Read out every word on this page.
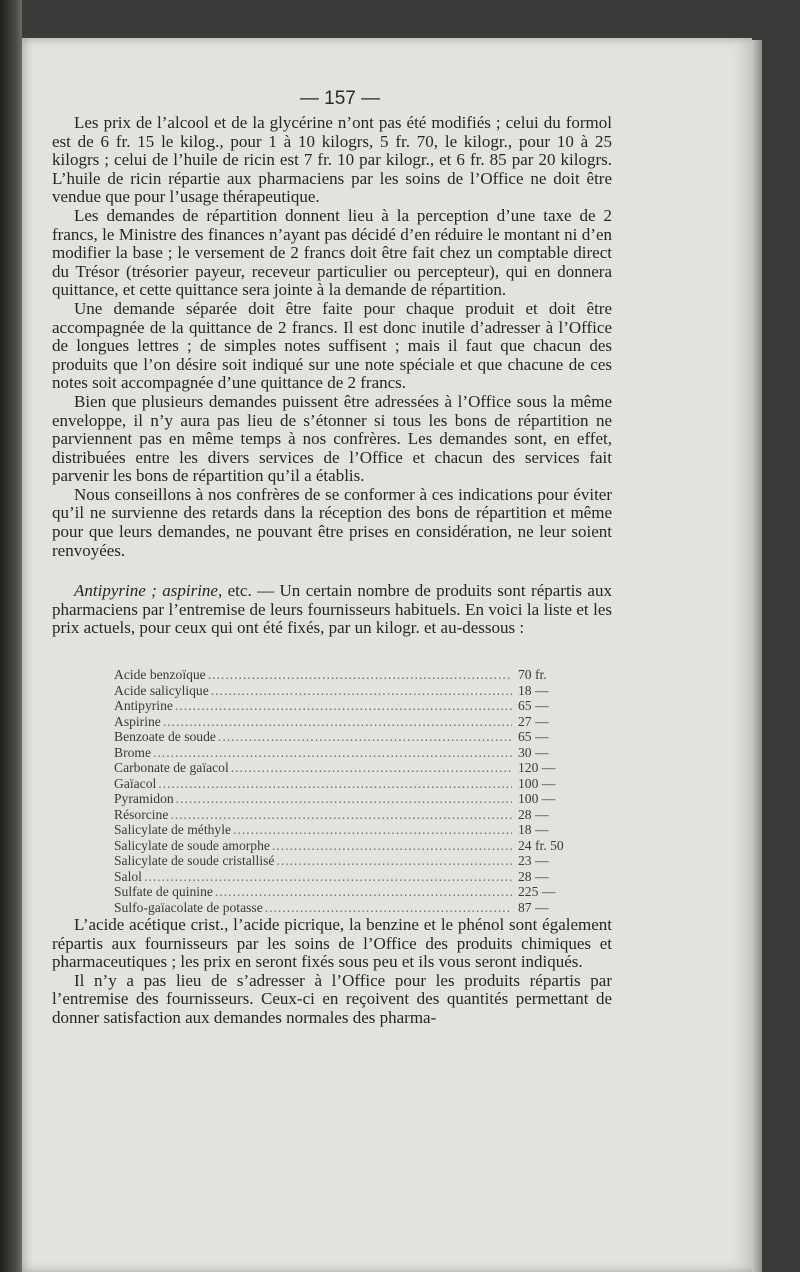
— 157 —

Les prix de l’alcool et de la glycérine n’ont pas été modifiés ; celui du formol est de 6 fr. 15 le kilog., pour 1 à 10 kilogrs, 5 fr. 70, le kilogr., pour 10 à 25 kilogrs ; celui de l’huile de ricin est 7 fr. 10 par kilogr., et 6 fr. 85 par 20 kilogrs. L’huile de ricin répartie aux pharmaciens par les soins de l’Office ne doit être vendue que pour l’usage thérapeutique.

Les demandes de répartition donnent lieu à la perception d’une taxe de 2 francs, le Ministre des finances n’ayant pas décidé d’en réduire le montant ni d’en modifier la base ; le versement de 2 francs doit être fait chez un comptable direct du Trésor (trésorier payeur, receveur particulier ou percepteur), qui en donnera quittance, et cette quittance sera jointe à la demande de répartition.

Une demande séparée doit être faite pour chaque produit et doit être accompagnée de la quittance de 2 francs. Il est donc inutile d’adresser à l’Office de longues lettres ; de simples notes suffisent ; mais il faut que chacun des produits que l’on désire soit indiqué sur une note spéciale et que chacune de ces notes soit accompagnée d’une quittance de 2 francs.

Bien que plusieurs demandes puissent être adressées à l’Office sous la même enveloppe, il n’y aura pas lieu de s’étonner si tous les bons de répartition ne parviennent pas en même temps à nos confrères. Les demandes sont, en effet, distribuées entre les divers services de l’Office et chacun des services fait parvenir les bons de répartition qu’il a établis.

Nous conseillons à nos confrères de se conformer à ces indications pour éviter qu’il ne survienne des retards dans la réception des bons de répartition et même pour que leurs demandes, ne pouvant être prises en considération, ne leur soient renvoyées.

Antipyrine ; aspirine, etc. — Un certain nombre de produits sont répartis aux pharmaciens par l’entremise de leurs fournisseurs habituels. En voici la liste et les prix actuels, pour ceux qui ont été fixés, par un kilogr. et au-dessous :

Acide benzoïque .....	70 fr.
Acide salicylique .....	18 —
Antipyrine .....	65 —
Aspirine .....	27 —
Benzoate de soude .....	65 —
Brome .....	30 —
Carbonate de gaïacol .....	120 —
Gaïacol .....	100 —
Pyramidon .....	100 —
Résorcine .....	28 —
Salicylate de méthyle .....	18 —
Salicylate de soude amorphe .....	24 fr. 50
Salicylate de soude cristallisé .....	23 —
Salol .....	28 —
Sulfate de quinine .....	225 —
Sulfo-gaïacolate de potasse .....	87 —

L’acide acétique crist., l’acide picrique, la benzine et le phénol sont également répartis aux fournisseurs par les soins de l’Office des produits chimiques et pharmaceutiques ; les prix en seront fixés sous peu et ils vous seront indiqués.

Il n’y a pas lieu de s’adresser à l’Office pour les produits répartis par l’entremise des fournisseurs. Ceux-ci en reçoivent des quantités permettant de donner satisfaction aux demandes normales des pharma-
